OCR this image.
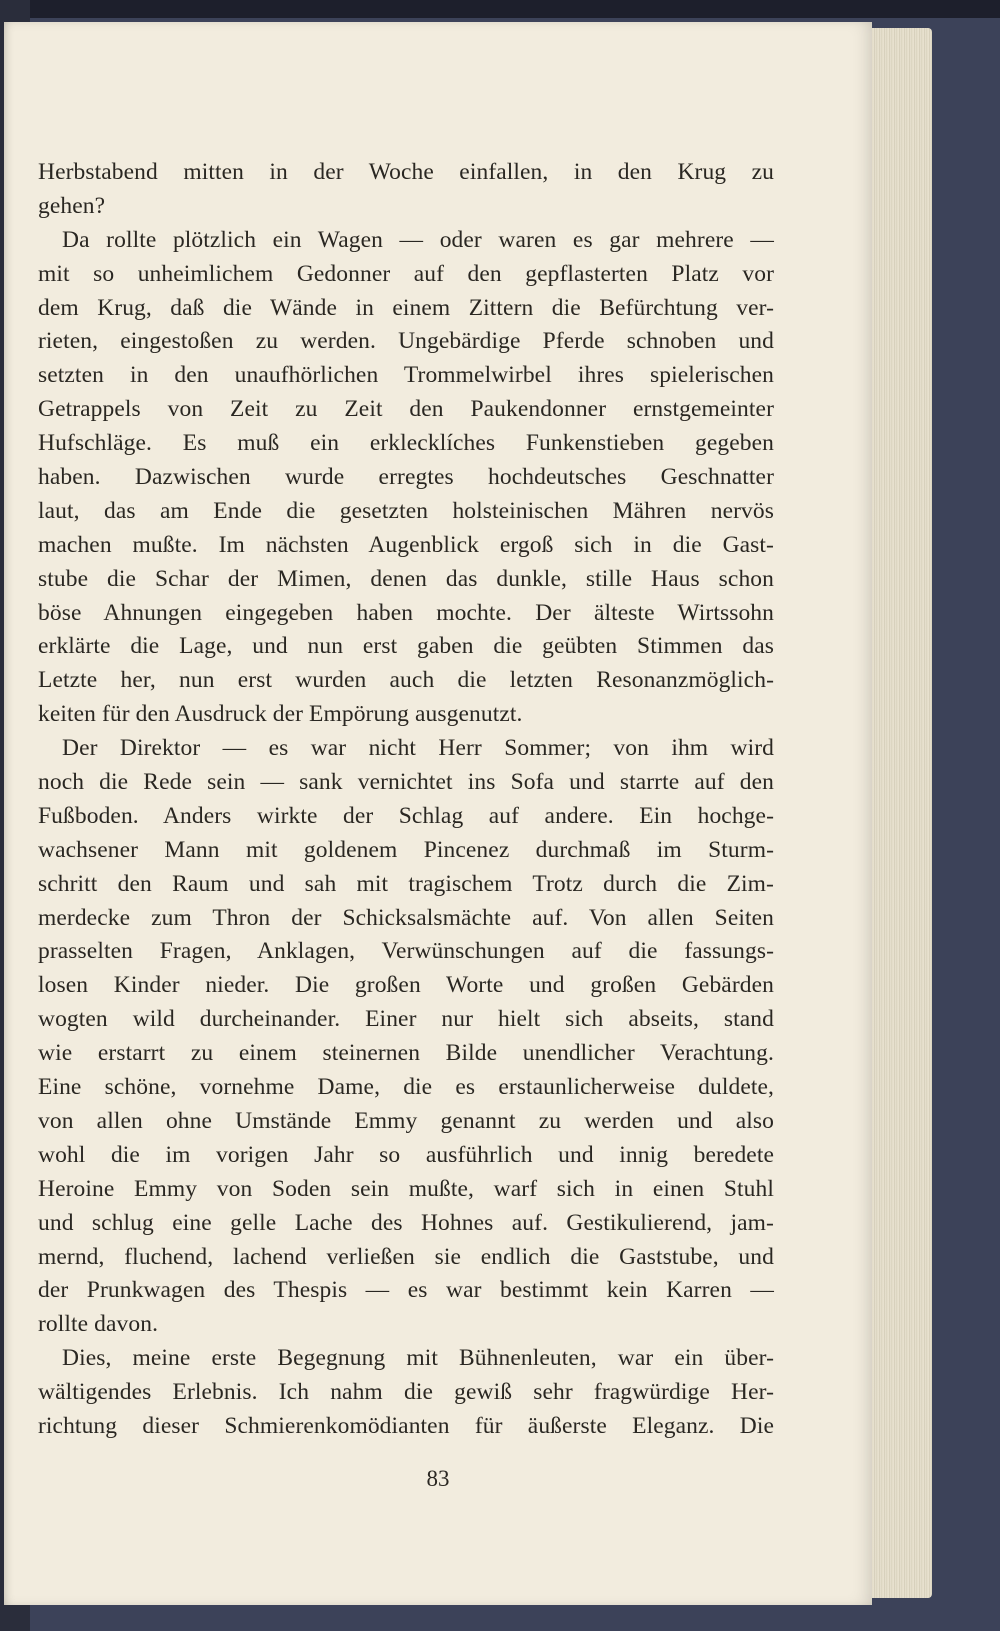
Herbstabend mitten in der Woche einfallen, in den Krug zu
gehen?
Da rollte plötzlich ein Wagen — oder waren es gar mehrere —
mit so unheimlichem Gedonner auf den gepflasterten Platz vor
dem Krug, daß die Wände in einem Zittern die Befürchtung ver-
rieten, eingestoßen zu werden. Ungebärdige Pferde schnoben und
setzten in den unaufhörlichen Trommelwirbel ihres spielerischen
Getrappels von Zeit zu Zeit den Paukendonner ernstgemeinter
Hufschläge. Es muß ein erklecklíches Funkenstieben gegeben
haben. Dazwischen wurde erregtes hochdeutsches Geschnatter
laut, das am Ende die gesetzten holsteinischen Mähren nervös
machen mußte. Im nächsten Augenblick ergoß sich in die Gast-
stube die Schar der Mimen, denen das dunkle, stille Haus schon
böse Ahnungen eingegeben haben mochte. Der älteste Wirtssohn
erklärte die Lage, und nun erst gaben die geübten Stimmen das
Letzte her, nun erst wurden auch die letzten Resonanzmöglich-
keiten für den Ausdruck der Empörung ausgenutzt.
Der Direktor — es war nicht Herr Sommer; von ihm wird
noch die Rede sein — sank vernichtet ins Sofa und starrte auf den
Fußboden. Anders wirkte der Schlag auf andere. Ein hochge-
wachsener Mann mit goldenem Pincenez durchmaß im Sturm-
schritt den Raum und sah mit tragischem Trotz durch die Zim-
merdecke zum Thron der Schicksalsmächte auf. Von allen Seiten
prasselten Fragen, Anklagen, Verwünschungen auf die fassungs-
losen Kinder nieder. Die großen Worte und großen Gebärden
wogten wild durcheinander. Einer nur hielt sich abseits, stand
wie erstarrt zu einem steinernen Bilde unendlicher Verachtung.
Eine schöne, vornehme Dame, die es erstaunlicherweise duldete,
von allen ohne Umstände Emmy genannt zu werden und also
wohl die im vorigen Jahr so ausführlich und innig beredete
Heroine Emmy von Soden sein mußte, warf sich in einen Stuhl
und schlug eine gelle Lache des Hohnes auf. Gestikulierend, jam-
mernd, fluchend, lachend verließen sie endlich die Gaststube, und
der Prunkwagen des Thespis — es war bestimmt kein Karren —
rollte davon.
Dies, meine erste Begegnung mit Bühnenleuten, war ein über-
wältigendes Erlebnis. Ich nahm die gewiß sehr fragwürdige Her-
richtung dieser Schmierenkomödianten für äußerste Eleganz. Die
83
